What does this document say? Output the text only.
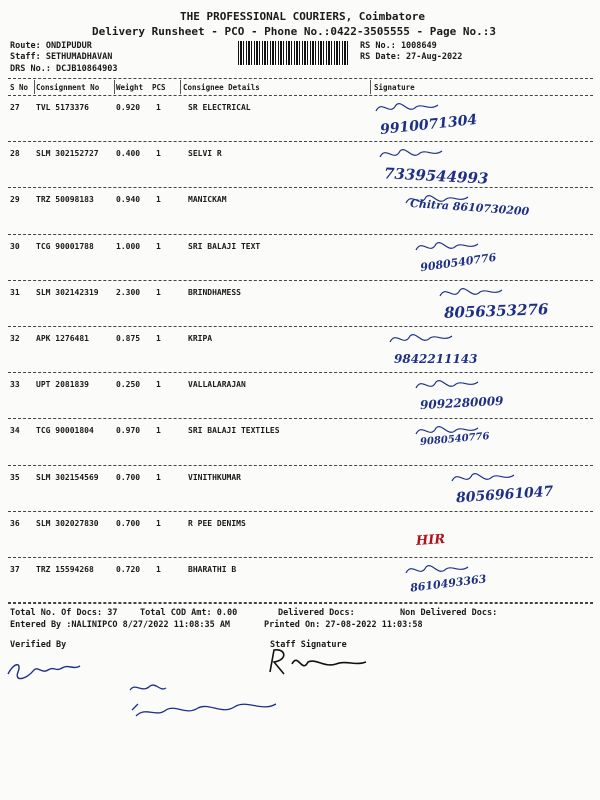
THE PROFESSIONAL COURIERS, Coimbatore
Delivery Runsheet - PCO - Phone No.:0422-3505555 - Page No.:3
Route: ONDIPUDUR
Staff: SETHUMADHAVAN
DRS No.: DCJB10864903
RS No.: 1008649
RS Date: 27-Aug-2022
S No Consignment No Weight PCS Consignee Details	Signature
27 TVL 5173376	0.920 1	SR ELECTRICAL
9910071304
28 SLM 302152727 0.400 1	SELVI R
7339544993
29 TRZ 50098183	0.940 1	MANICKAM	Chitra 8610730200
30 TCG 90001788	1.000 1	SRI BALAJI TEXT
9080540776
31 SLM 302142319 2.300 1	BRINDHAMESS
8056353276
32 APK 1276481	0.875 1	KRIPA
9842211143
33 UPT 2081839	0.250 1	VALLALARAJAN
9092280009
34 TCG 90001804	0.970 1	SRI BALAJI TEXTILES
9080540776
35 SLM 302154569 0.700 1	VINITHKUMAR
8056961047
36 SLM 302027830 0.700 1	R PEE DENIMS
HIR
37 TRZ 15594268	0.720 1	BHARATHI B
8610493363
Total No. Of Docs: 37	Total COD Amt: 0.00	Delivered Docs:	Non Delivered Docs:
Entered By :NALINIPCO 8/27/2022 11:08:35 AM	Printed On: 27-08-2022 11:03:58
Verified By	Staff Signature
